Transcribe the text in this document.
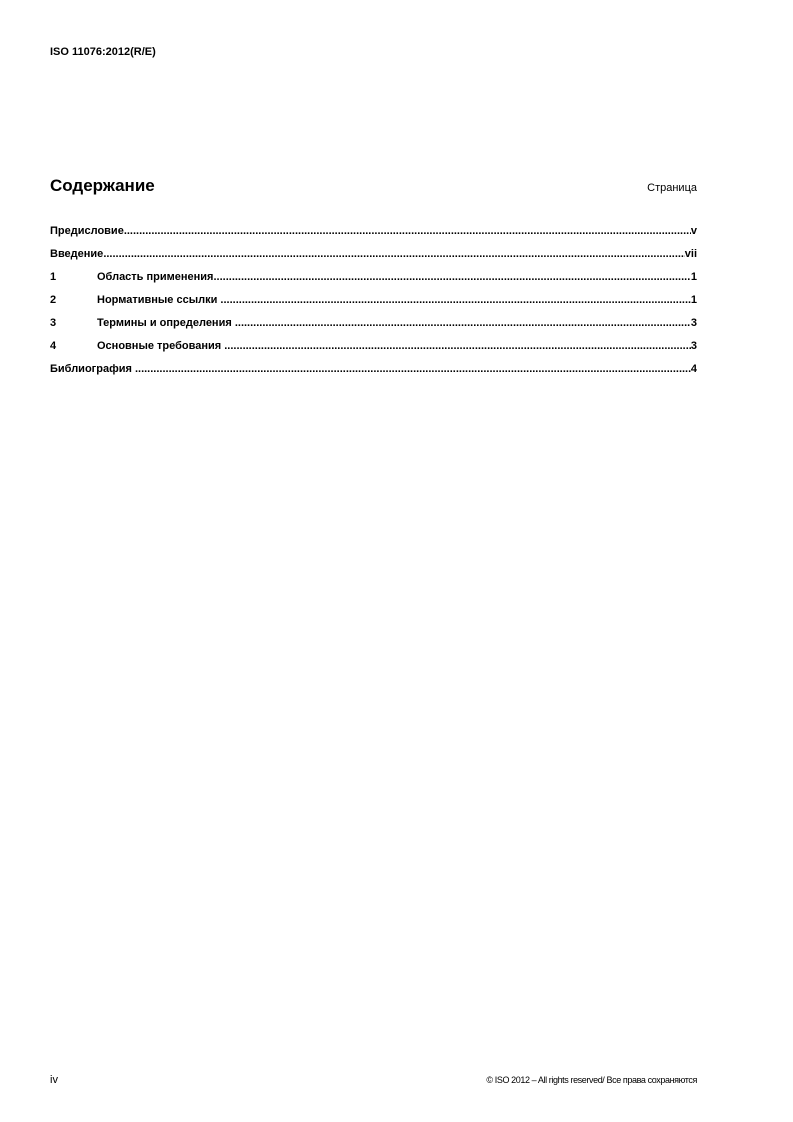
ISO 11076:2012(R/E)
Содержание	Страница
Предисловие .....	v
Введение .....	vii
1	Область применения .....	1
2	Нормативные ссылки .....	1
3	Термины и определения .....	3
4	Основные требования .....	3
Библиография .....	4
iv	© ISO 2012 – All rights reserved/ Все права сохраняются
